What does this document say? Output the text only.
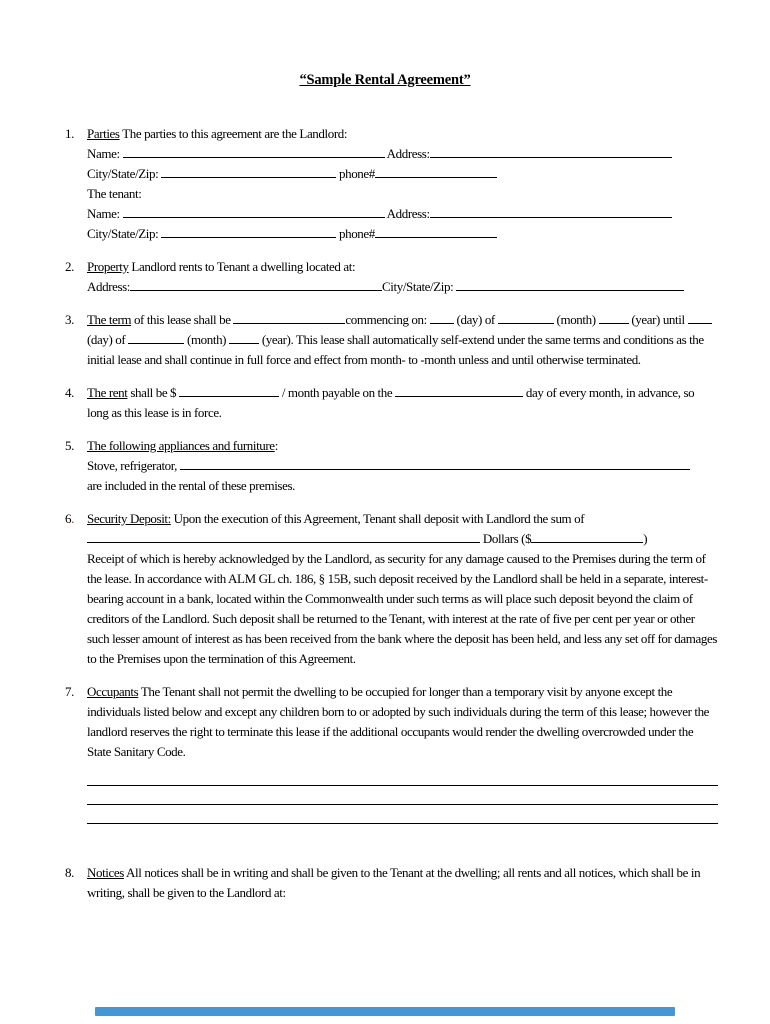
“Sample Rental Agreement”
1.	Parties The parties to this agreement are the Landlord:

Name:	Address:

City/State/Zip:	phone#

The tenant:

Name:	Address:

City/State/Zip:	phone#

2.	Property Landlord rents to Tenant a dwelling located at:

Address:	City/State/Zip:

3.	The term of this lease shall be	commencing on:  (day) of	(month)  (year) until  (day) of	(month)  (year). This lease shall automatically self-extend under the same terms and conditions as the initial lease and shall continue in full force and effect from month- to -month unless and until otherwise terminated.

4.	The rent shall be $	/ month payable on the	day of every month, in advance, so long as this lease is in force.

5.	The following appliances and furniture:

Stove, refrigerator,

are included in the rental of these premises.

6.	Security Deposit: Upon the execution of this Agreement, Tenant shall deposit with Landlord the sum of

Dollars ($	)

Receipt of which is hereby acknowledged by the Landlord, as security for any damage caused to the Premises during the term of the lease. In accordance with ALM GL ch. 186, § 15B, such deposit received by the Landlord shall be held in a separate, interest-bearing account in a bank, located within the Commonwealth under such terms as will place such deposit beyond the claim of creditors of the Landlord. Such deposit shall be returned to the Tenant, with interest at the rate of five per cent per year or other such lesser amount of interest as has been received from the bank where the deposit has been held, and less any set off for damages to the Premises upon the termination of this Agreement.

7.	Occupants The Tenant shall not permit the dwelling to be occupied for longer than a temporary visit by anyone except the individuals listed below and except any children born to or adopted by such individuals during the term of this lease; however the landlord reserves the right to terminate this lease if the additional occupants would render the dwelling overcrowded under the State Sanitary Code.

8.	Notices All notices shall be in writing and shall be given to the Tenant at the dwelling; all rents and all notices, which shall be in writing, shall be given to the Landlord at:
